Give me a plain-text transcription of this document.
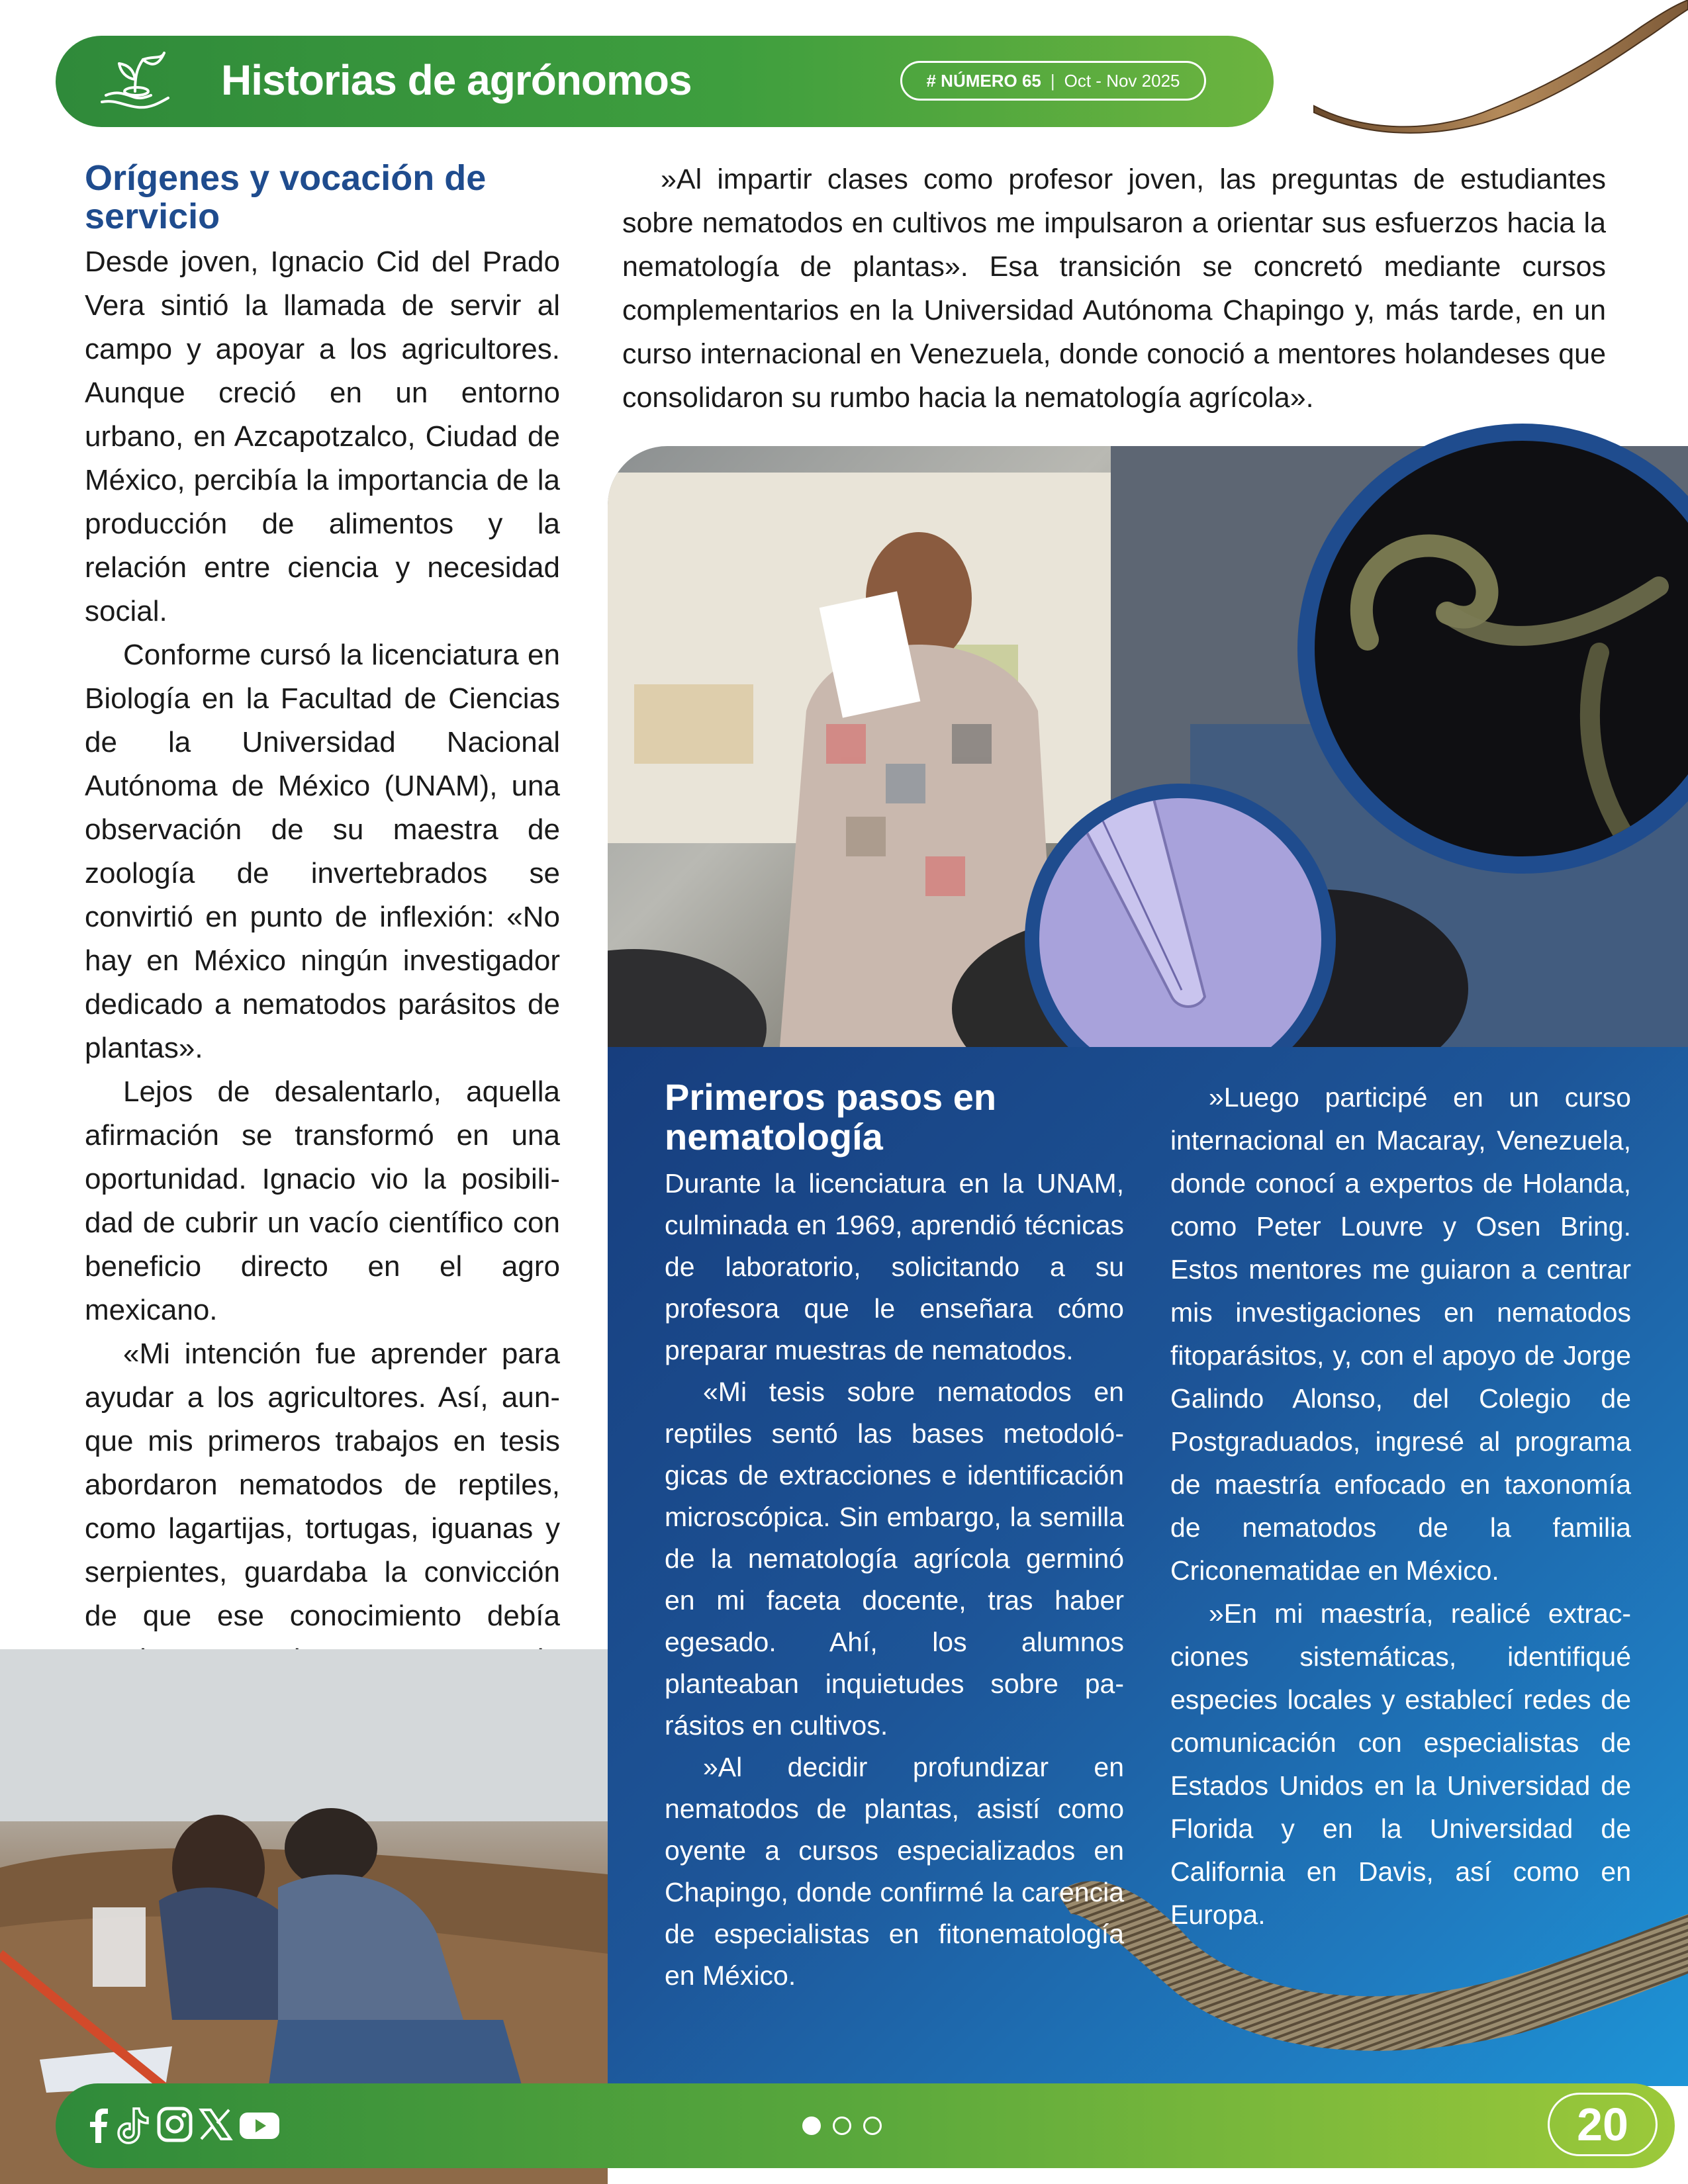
Historias de agrónomos	# NÚMERO 65 | Oct - Nov 2025
Orígenes y vocación de servicio

Desde joven, Ignacio Cid del Prado Vera sintió la llamada de servir al campo y apoyar a los agricultores. Aunque creció en un entorno urbano, en Azcapotzalco, Ciudad de México, percibía la importancia de la producción de alimentos y la relación entre ciencia y necesidad social.

Conforme cursó la licenciatura en Biología en la Facultad de Ciencias de la Universidad Nacional Autónoma de México (UNAM), una observación de su maestra de zoología de invertebrados se convirtió en punto de inflexión: «No hay en México ningún investigador dedicado a nematodos parásitos de plantas».

Lejos de desalentarlo, aquella afirmación se transformó en una oportunidad. Ignacio vio la posibilidad de cubrir un vacío científico con beneficio directo en el agro mexicano.

«Mi intención fue aprender para ayudar a los agricultores. Así, aunque mis primeros trabajos en tesis abordaron nematodos de reptiles, como lagartijas, tortugas, iguanas y serpientes, guardaba la convicción de que ese conocimiento debía

»Al impartir clases como profesor joven, las preguntas de estudiantes sobre nematodos en cultivos me impulsaron a orientar sus esfuerzos hacia la nematología de plantas». Esa transición se concretó mediante cursos complementarios en la Universidad Autónoma Chapingo y, más tarde, en un curso internacional en Venezuela, donde conoció a mentores holandeses que consolidaron su rumbo hacia la nematología agrícola».

Primeros pasos en nematología

Durante la licenciatura en la UNAM, culminada en 1969, aprendió técnicas de laboratorio, solicitando a su profesora que le enseñara cómo preparar muestras de nematodos.

«Mi tesis sobre nematodos en reptiles sentó las bases metodológicas de extracciones e identificación microscópica. Sin embargo, la semilla de la nematología agrícola germinó en mi faceta docente, tras haber egesado. Ahí, los alumnos planteaban inquietudes sobre parásitos en cultivos.

»Al decidir profundizar en nematodos de plantas, asistí como oyente a cursos especializados en Chapingo, donde confirmé la carencia de especialistas en fitonematología en México.

»Luego participé en un curso internacional en Macaray, Venezuela, donde conocí a expertos de Holanda, como Peter Louvre y Osen Bring. Estos mentores me guiaron a centrar mis investigaciones en nematodos fitoparásitos, y, con el apoyo de Jorge Galindo Alonso, del Colegio de Postgraduados, ingresé al programa de maestría enfocado en taxonomía de nematodos de la familia Criconematidae en México.

»En mi maestría, realicé extracciones sistemáticas, identifiqué especies locales y establecí redes de comunicación con especialistas de Estados Unidos en la Universidad de Florida y en la Universidad de California en Davis, así como en Europa.

20
